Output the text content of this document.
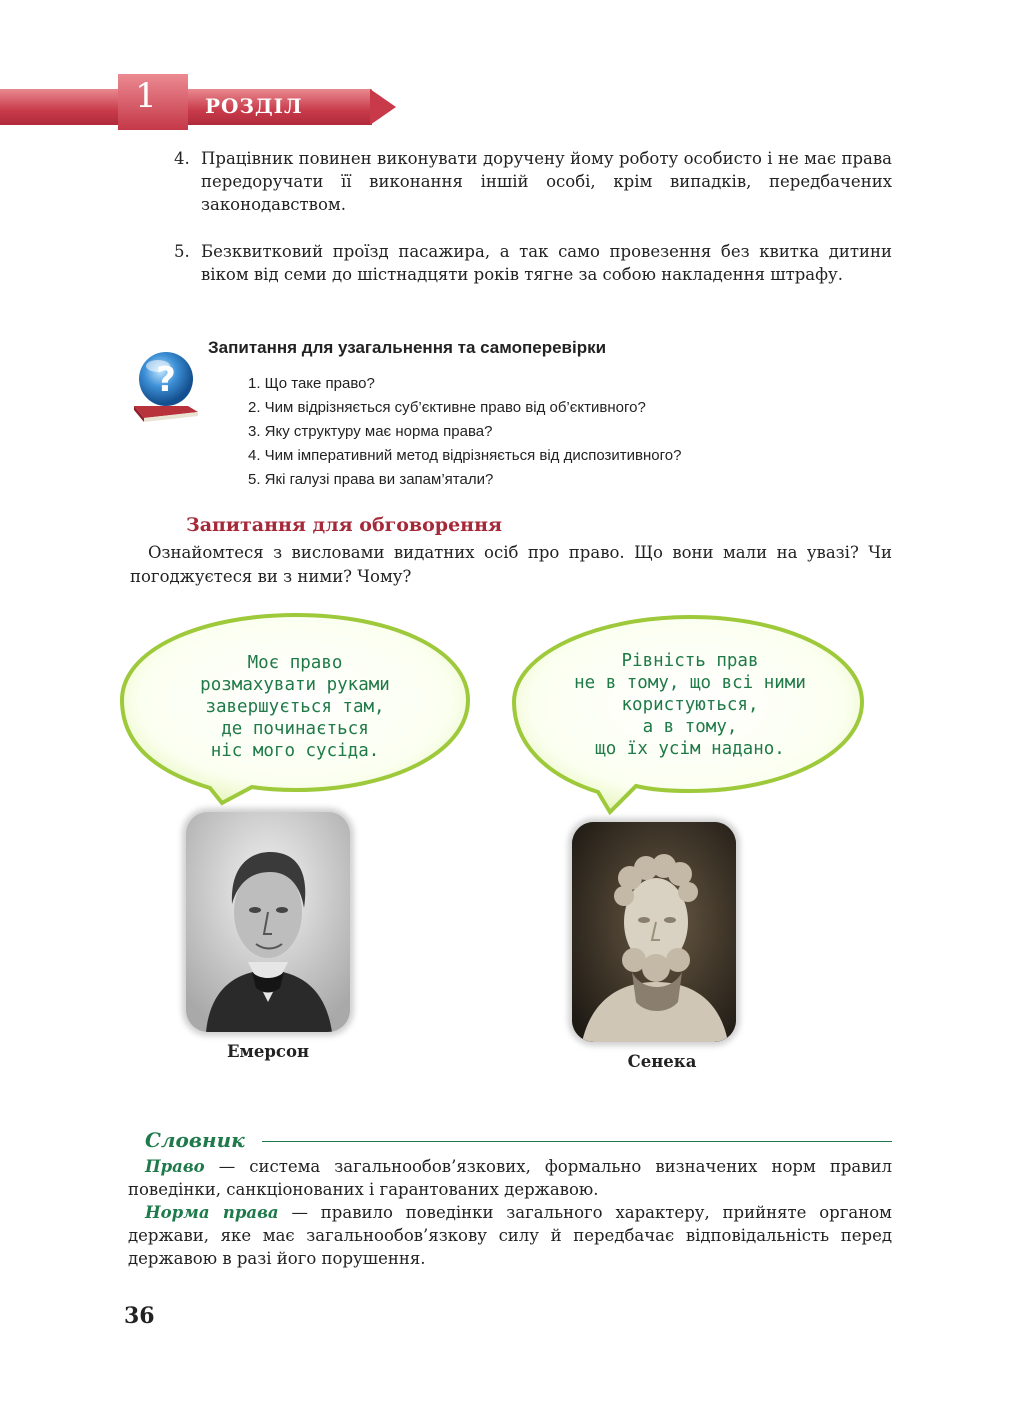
1	РОЗДІЛ
4. Працівник повинен виконувати доручену йому роботу особисто і не має права передоручати її виконання іншій особі, крім випадків, передбачених законодавством.
5. Безквитковий проїзд пасажира, а так само провезення без квитка дитини віком від семи до шістнадцяти років тягне за собою накладення штрафу.
?
Запитання для узагальнення та самоперевірки
1. Що таке право?
2. Чим відрізняється суб’єктивне право від об’єктивного?
3. Яку структуру має норма права?
4. Чим імперативний метод відрізняється від диспозитивного?
5. Які галузі права ви запам’ятали?
Запитання для обговорення
Ознайомтеся з висловами видатних осіб про право. Що вони мали на увазі? Чи погоджуєтеся ви з ними? Чому?
Моє право
розмахувати руками
завершується там,
де починається
ніс мого сусіда.
Рівність прав
не в тому, що всі ними
користуються,
а в тому,
що їх усім надано.
Емерсон
Сенека
Словник

Право — система загальнообов’язкових, формально визначених норм правил поведінки, санкціонованих і гарантованих державою.

Норма права — правило поведінки загального характеру, прийняте органом держави, яке має загальнообов’язкову силу й передбачає відповідальність перед державою в разі його порушення.

36
